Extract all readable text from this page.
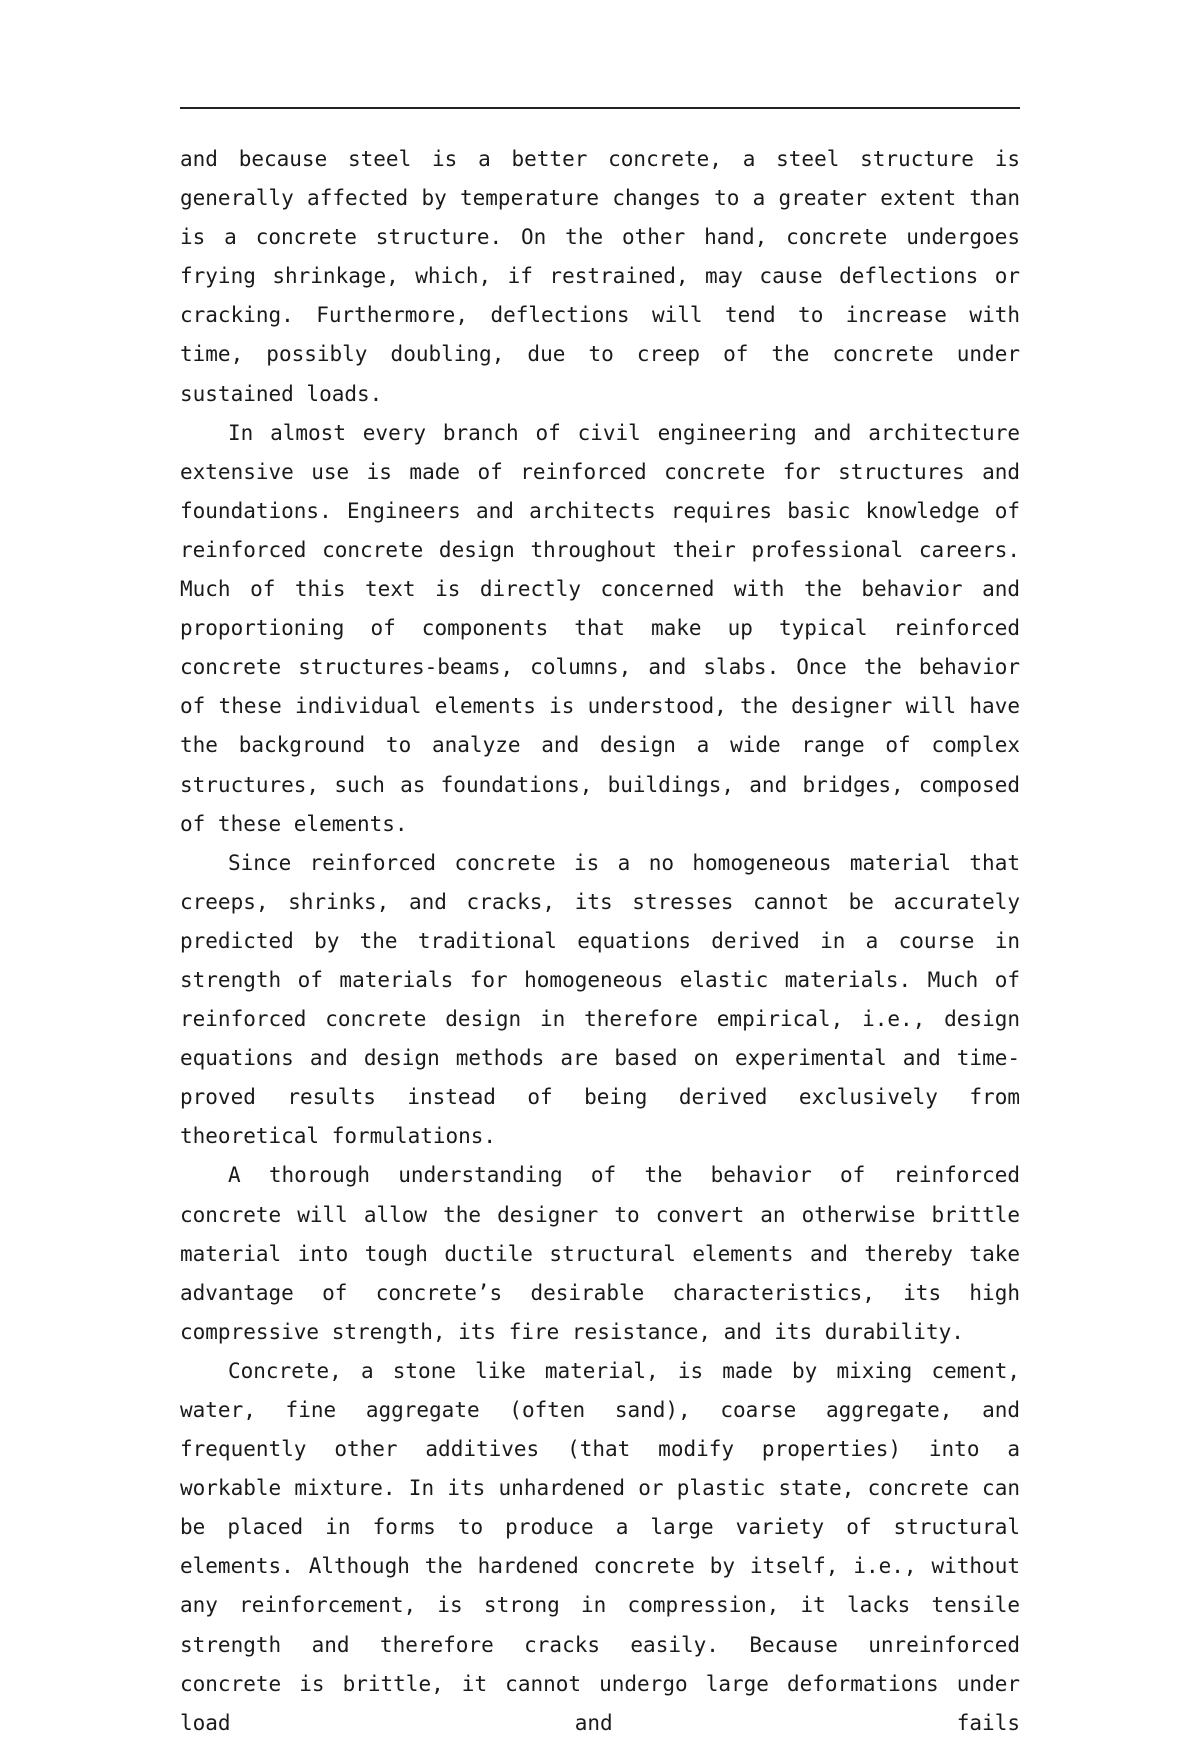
and because steel is a better concrete, a steel structure is generally affected by temperature changes to a greater extent than is a concrete structure. On the other hand, concrete undergoes frying shrinkage, which, if restrained, may cause deflections or cracking. Furthermore, deflections will tend to increase with time, possibly doubling, due to creep of the concrete under sustained loads.

In almost every branch of civil engineering and architecture extensive use is made of reinforced concrete for structures and foundations. Engineers and architects requires basic knowledge of reinforced concrete design throughout their professional careers. Much of this text is directly concerned with the behavior and proportioning of components that make up typical reinforced concrete structures-beams, columns, and slabs. Once the behavior of these individual elements is understood, the designer will have the background to analyze and design a wide range of complex structures, such as foundations, buildings, and bridges, composed of these elements.

Since reinforced concrete is a no homogeneous material that creeps, shrinks, and cracks, its stresses cannot be accurately predicted by the traditional equations derived in a course in strength of materials for homogeneous elastic materials. Much of reinforced concrete design in therefore empirical, i.e., design equations and design methods are based on experimental and time-proved results instead of being derived exclusively from theoretical formulations.

A thorough understanding of the behavior of reinforced concrete will allow the designer to convert an otherwise brittle material into tough ductile structural elements and thereby take advantage of concrete’s desirable characteristics, its high compressive strength, its fire resistance, and its durability.

Concrete, a stone like material, is made by mixing cement, water, fine aggregate (often sand), coarse aggregate, and frequently other additives (that modify properties) into a workable mixture. In its unhardened or plastic state, concrete can be placed in forms to produce a large variety of structural elements. Although the hardened concrete by itself, i.e., without any reinforcement, is strong in compression, it lacks tensile strength and therefore cracks easily. Because unreinforced concrete is brittle, it cannot undergo large deformations under load and fails
